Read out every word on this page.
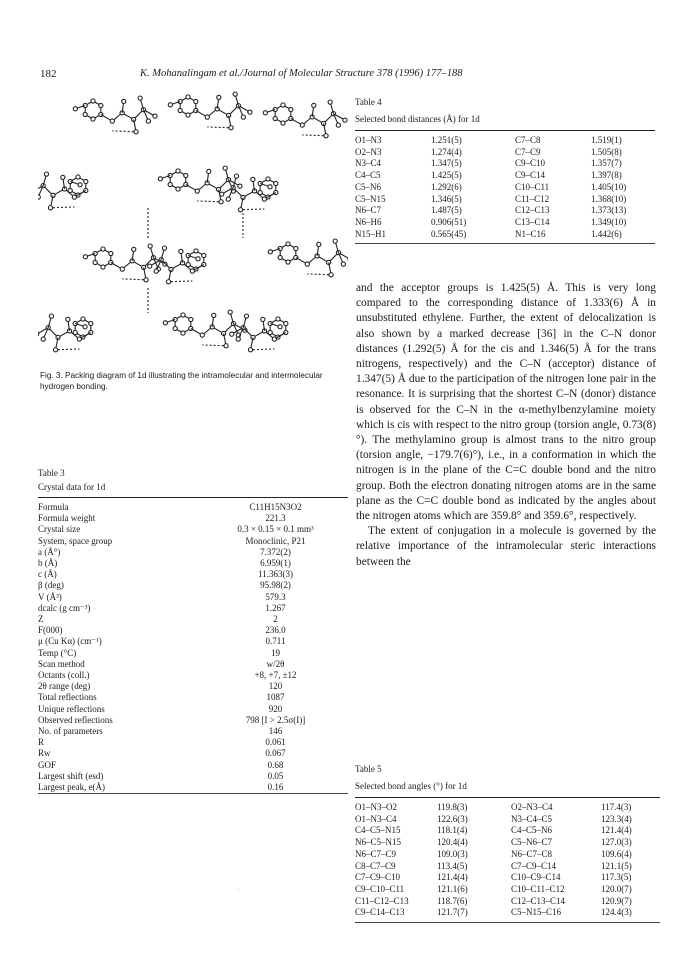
182	K. Mohanalingam et al./Journal of Molecular Structure 378 (1996) 177–188
Fig. 3. Packing diagram of 1d illustrating the intramolecular and intermolecular hydrogen bonding.
Table 4
Selected bond distances (Å) for 1d
O1–N3	1.251(5)	C7–C8	1.519(1)
O2–N3	1.274(4)	C7–C9	1.505(8)
N3–C4	1.347(5)	C9–C10	1.357(7)
C4–C5	1.425(5)	C9–C14	1.397(8)
C5–N6	1.292(6)	C10–C11	1.405(10)
C5–N15	1.346(5)	C11–C12	1.368(10)
N6–C7	1.487(5)	C12–C13	1.373(13)
N6–H6	0.906(51)	C13–C14	1.349(10)
N15–H1	0.565(45)	N1–C16	1.442(6)

and the acceptor groups is 1.425(5) Å. This is very long compared to the corresponding distance of 1.333(6) Å in unsubstituted ethylene. Further, the extent of delocalization is also shown by a marked decrease [36] in the C–N donor distances (1.292(5) Å for the cis and 1.346(5) Å for the trans nitrogens, respectively) and the C–N (acceptor) distance of 1.347(5) Å due to the participation of the nitrogen lone pair in the resonance. It is surprising that the shortest C–N (donor) distance is observed for the C–N in the α-methylbenzylamine moiety which is cis with respect to the nitro group (torsion angle, 0.73(8)°). The methylamino group is almost trans to the nitro group (torsion angle, −179.7(6)°), i.e., in a conformation in which the nitrogen is in the plane of the C=C double bond and the nitro group. Both the electron donating nitrogen atoms are in the same plane as the C=C double bond as indicated by the angles about the nitrogen atoms which are 359.8° and 359.6°, respectively.

The extent of conjugation in a molecule is governed by the relative importance of the intramolecular steric interactions between the

Table 3
Crystal data for 1d
Formula	C11H15N3O2
Formula weight	221.3
Crystal size	0.3 × 0.15 × 0.1 mm³
System, space group	Monoclinic, P21
a (Å°)	7.372(2)
b (Å)	6.959(1)
c (Å)	11.363(3)
β (deg)	95.98(2)
V (Å³)	579.3
dcalc (g cm⁻³)	1.267
Z	2
F(000)	236.0
μ (Cu Kα) (cm⁻¹)	0.711
Temp (°C)	19
Scan method	w/2θ
Octants (coll.)	+8, +7, ±12
2θ range (deg)	120
Total reflections	1087
Unique reflections	920
Observed reflections	798 [I > 2.5σ(I)]
No. of parameters	146
R	0.061
Rw	0.067
GOF	0.68
Largest shift (esd)	0.05
Largest peak, e(Å)	0.16
Table 5
Selected bond angles (°) for 1d
O1–N3–O2	119.8(3)	O2–N3–C4	117.4(3)
O1–N3–C4	122.6(3)	N3–C4–C5	123.3(4)
C4–C5–N15	118.1(4)	C4–C5–N6	121.4(4)
N6–C5–N15	120.4(4)	C5–N6–C7	127.0(3)
N6–C7–C9	109.0(3)	N6–C7–C8	109.6(4)
C8–C7–C9	113.4(5)	C7–C9–C14	121.1(5)
C7–C9–C10	121.4(4)	C10–C9–C14	117.3(5)
C9–C10–C11	121.1(6)	C10–C11–C12	120.0(7)
C11–C12–C13	118.7(6)	C12–C13–C14	120.9(7)
C9–C14–C13	121.7(7)	C5–N15–C16	124.4(3)
·
